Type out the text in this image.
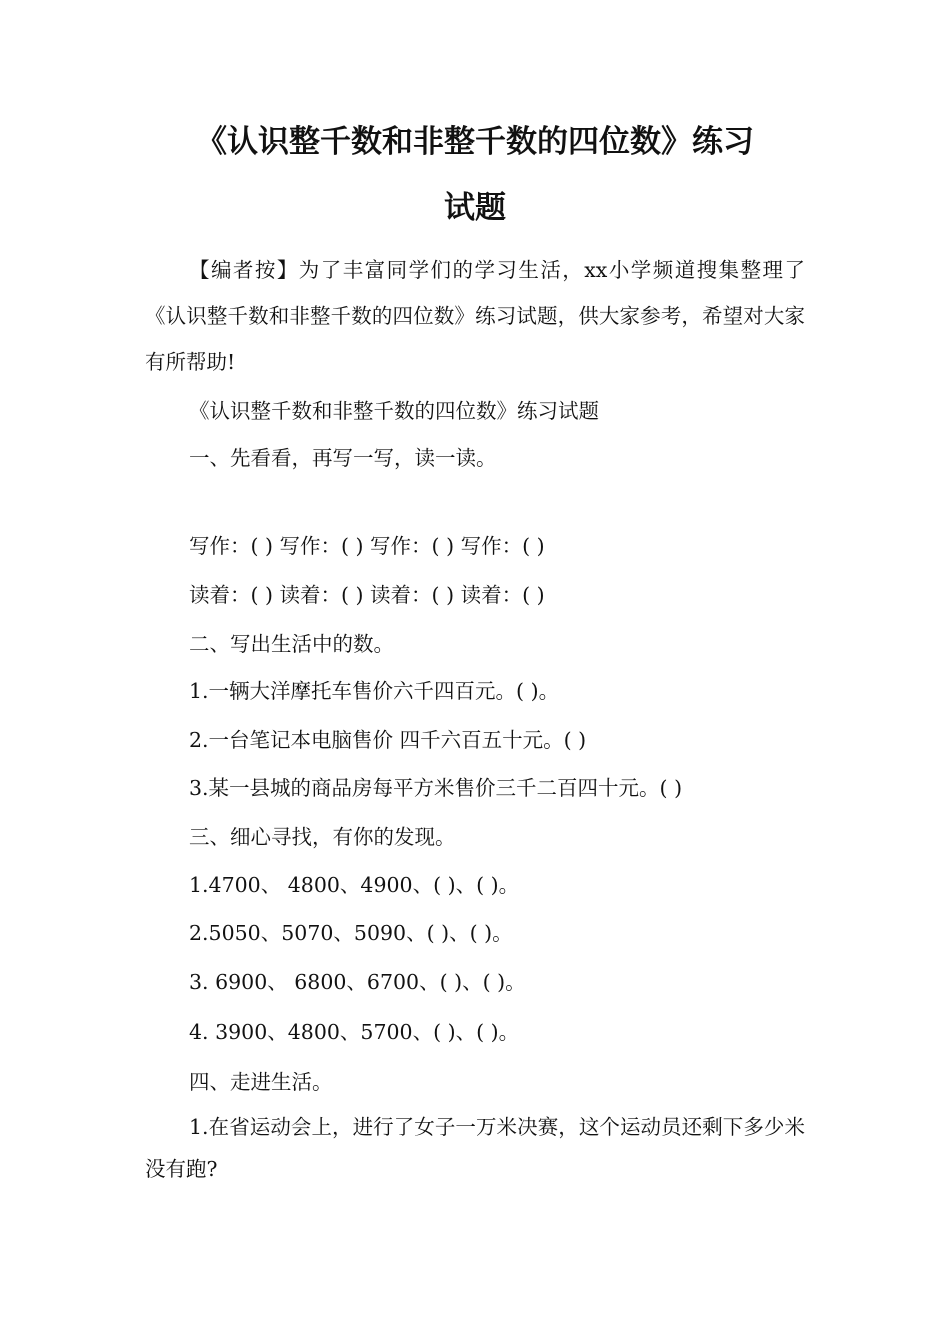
《认识整千数和非整千数的四位数》练习
试题

【编者按】为了丰富同学们的学习生活，xx小学频道搜集整理了《认识整千数和非整千数的四位数》练习试题，供大家参考，希望对大家有所帮助!

《认识整千数和非整千数的四位数》练习试题

一、先看看，再写一写，读一读。

写作：( ) 写作：( ) 写作：( ) 写作：( )

读着：( ) 读着：( ) 读着：( ) 读着：( )

二、写出生活中的数。

1.一辆大洋摩托车售价六千四百元。( )。

2.一台笔记本电脑售价 四千六百五十元。( )

3.某一县城的商品房每平方米售价三千二百四十元。( )

三、细心寻找，有你的发现。

1.4700、 4800、4900、( )、( )。

2.5050、5070、5090、( )、( )。

3. 6900、 6800、6700、( )、( )。

4. 3900、4800、5700、( )、( )。

四、走进生活。

1.在省运动会上，进行了女子一万米决赛，这个运动员还剩下多少米没有跑?
